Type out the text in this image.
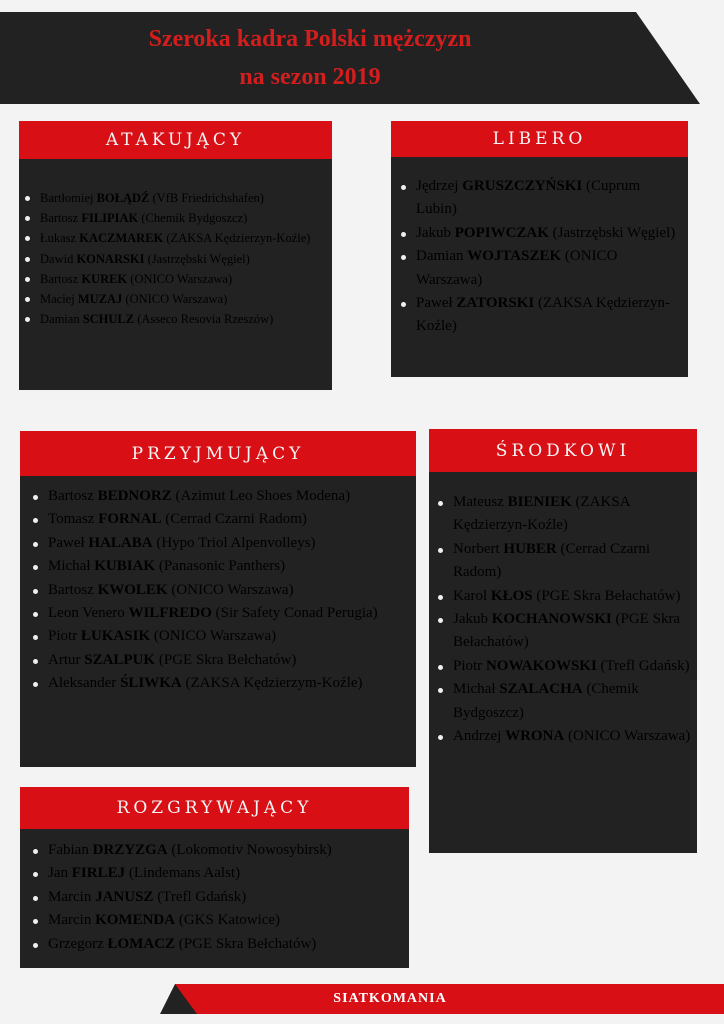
Szeroka kadra Polski mężczyzn
na sezon 2019
ATAKUJĄCY
Bartłomiej BOŁĄDŹ (VfB Friedrichshafen)
Bartosz FILIPIAK (Chemik Bydgoszcz)
Łukasz KACZMAREK (ZAKSA Kędzierzyn-Koźle)
Dawid KONARSKI (Jastrzębski Węgiel)
Bartosz KUREK (ONICO Warszawa)
Maciej MUZAJ (ONICO Warszawa)
Damian SCHULZ (Asseco Resovia Rzeszów)
LIBERO
Jędrzej GRUSZCZYŃSKI (Cuprum Lubin)
Jakub POPIWCZAK (Jastrzębski Węgiel)
Damian WOJTASZEK (ONICO Warszawa)
Paweł ZATORSKI (ZAKSA Kędzierzyn-Koźle)
PRZYJMUJĄCY
Bartosz BEDNORZ (Azimut Leo Shoes Modena)
Tomasz FORNAL (Cerrad Czarni Radom)
Paweł HALABA (Hypo Triol Alpenvolleys)
Michał KUBIAK (Panasonic Panthers)
Bartosz KWOLEK (ONICO Warszawa)
Leon Venero WILFREDO (Sir Safety Conad Perugia)
Piotr ŁUKASIK (ONICO Warszawa)
Artur SZALPUK (PGE Skra Bełchatów)
Aleksander ŚLIWKA (ZAKSA Kędzierzym-Koźle)
ŚRODKOWI
Mateusz BIENIEK (ZAKSA Kędzierzyn-Koźle)
Norbert HUBER (Cerrad Czarni Radom)
Karol KŁOS (PGE Skra Bełachatów)
Jakub KOCHANOWSKI (PGE Skra Bełachatów)
Piotr NOWAKOWSKI (Trefl Gdańsk)
Michał SZALACHA (Chemik Bydgoszcz)
Andrzej WRONA (ONICO Warszawa)
ROZGRYWAJĄCY
Fabian DRZYZGA (Lokomotiv Nowosybirsk)
Jan FIRLEJ (Lindemans Aalst)
Marcin JANUSZ (Trefl Gdańsk)
Marcin KOMENDA (GKS Katowice)
Grzegorz ŁOMACZ (PGE Skra Bełchatów)
SIATKOMANIA
